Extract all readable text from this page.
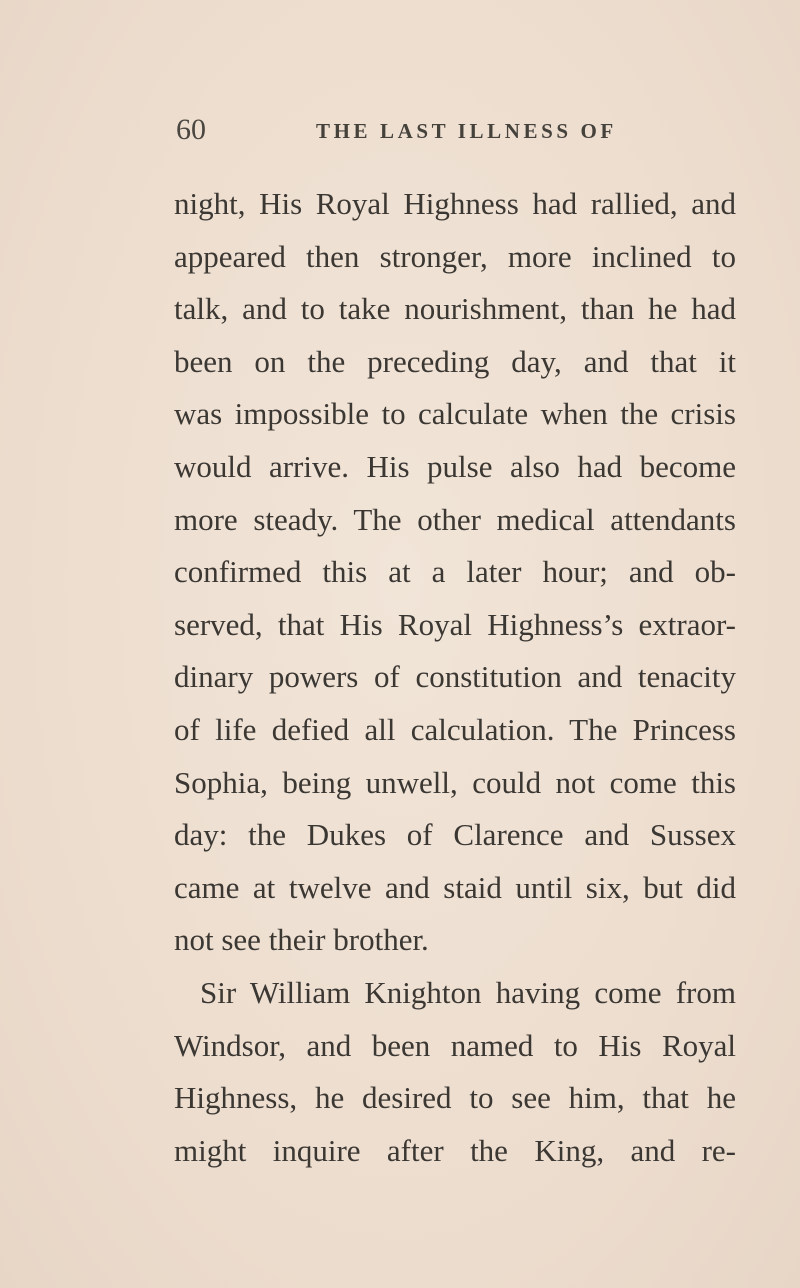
60	THE LAST ILLNESS OF
night, His Royal Highness had rallied, and
appeared then stronger, more inclined to
talk, and to take nourishment, than he had
been on the preceding day, and that it
was impossible to calculate when the crisis
would arrive. His pulse also had become
more steady. The other medical attendants
confirmed this at a later hour; and ob-
served, that His Royal Highness’s extraor-
dinary powers of constitution and tenacity
of life defied all calculation. The Princess
Sophia, being unwell, could not come this
day: the Dukes of Clarence and Sussex
came at twelve and staid until six, but did
not see their brother.
Sir William Knighton having come from
Windsor, and been named to His Royal
Highness, he desired to see him, that he
might inquire after the King, and re-
